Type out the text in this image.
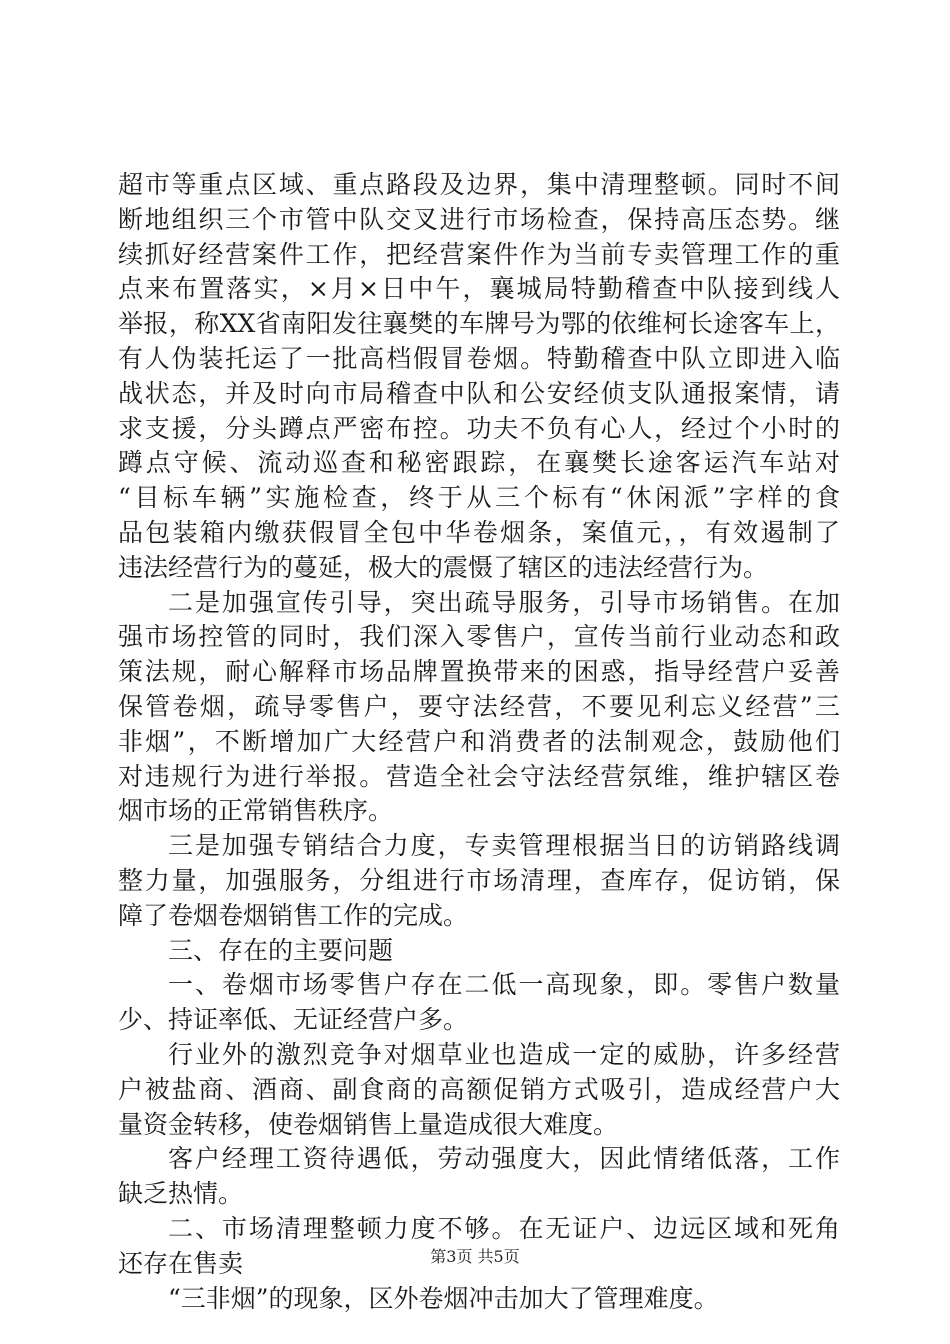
超市等重点区域、重点路段及边界，集中清理整顿。同时不间
断地组织三个市管中队交叉进行市场检查，保持高压态势。继
续抓好经营案件工作，把经营案件作为当前专卖管理工作的重
点来布置落实，×月×日中午，襄城局特勤稽查中队接到线人
举报，称XX省南阳发往襄樊的车牌号为鄂的依维柯长途客车上，
有人伪装托运了一批高档假冒卷烟。特勤稽查中队立即进入临
战状态，并及时向市局稽查中队和公安经侦支队通报案情，请
求支援，分头蹲点严密布控。功夫不负有心人，经过个小时的
蹲点守候、流动巡查和秘密跟踪，在襄樊长途客运汽车站对
“目标车辆”实施检查，终于从三个标有“休闲派”字样的食
品包装箱内缴获假冒全包中华卷烟条，案值元，，有效遏制了
违法经营行为的蔓延，极大的震慑了辖区的违法经营行为。
二是加强宣传引导，突出疏导服务，引导市场销售。在加
强市场控管的同时，我们深入零售户，宣传当前行业动态和政
策法规，耐心解释市场品牌置换带来的困惑，指导经营户妥善
保管卷烟，疏导零售户，要守法经营，不要见利忘义经营”三
非烟”，不断增加广大经营户和消费者的法制观念，鼓励他们
对违规行为进行举报。营造全社会守法经营氛维，维护辖区卷
烟市场的正常销售秩序。
三是加强专销结合力度，专卖管理根据当日的访销路线调
整力量，加强服务，分组进行市场清理，查库存，促访销，保
障了卷烟卷烟销售工作的完成。
三、存在的主要问题
一、卷烟市场零售户存在二低一高现象，即。零售户数量
少、持证率低、无证经营户多。
行业外的激烈竞争对烟草业也造成一定的威胁，许多经营
户被盐商、酒商、副食商的高额促销方式吸引，造成经营户大
量资金转移，使卷烟销售上量造成很大难度。
客户经理工资待遇低，劳动强度大，因此情绪低落，工作
缺乏热情。
二、市场清理整顿力度不够。在无证户、边远区域和死角
还存在售卖
“三非烟”的现象，区外卷烟冲击加大了管理难度。
第3页 共5页
